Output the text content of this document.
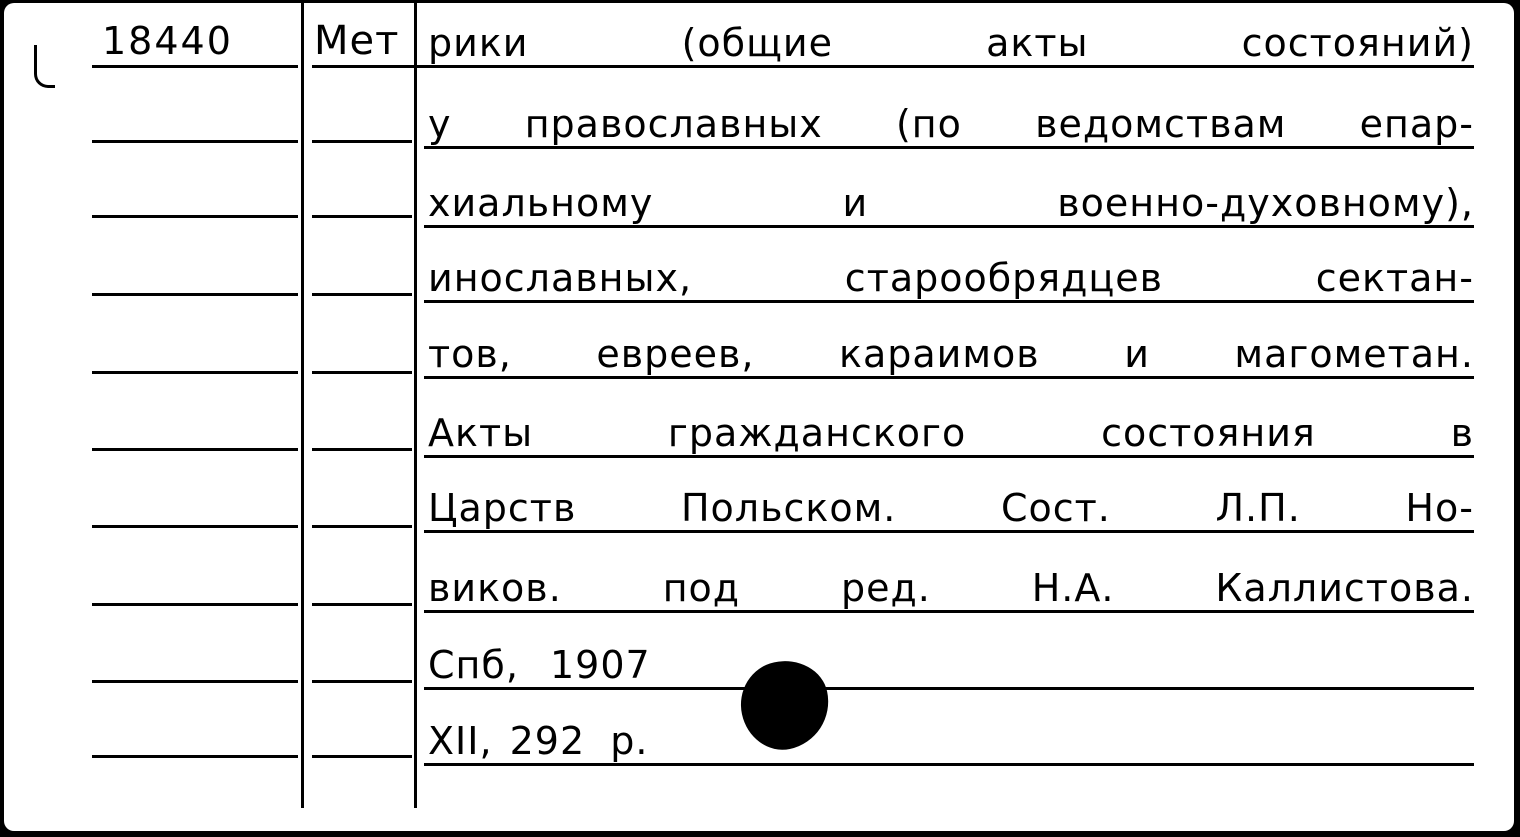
18440 Мет рики	(общие	акты	состояний)
у православных (по ведомствам епар-
хиальному	и	военно-духовному),
инославных,	старообрядцев	сектан-
тов, евреев, караимов и магометан.
Акты	гражданского	состояния	в
Царств	Польском.	Сост.	Л.П.	Но-
виков.	под	ред.	Н.А.	Каллистова.
Спб, 1907
XII, 292 р.
